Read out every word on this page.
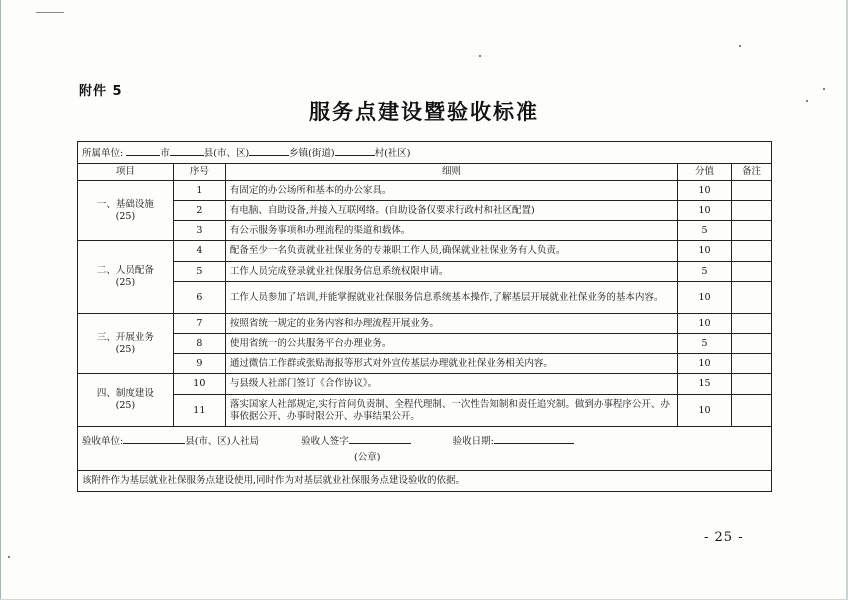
附件 5
服务点建设暨验收标准
所属单位: 市 县(市、区) 乡镇(街道) 村(社区)				
项目	序号	细则	分值	备注

一、基础设施
(25)	1	有固定的办公场所和基本的办公家具。	10	
	2	有电脑、自助设备,并接入互联网络。(自助设备仅要求行政村和社区配置)	10	
	3	有公示服务事项和办理流程的渠道和载体。	5	

二、人员配备
(25)	4	配备至少一名负责就业社保业务的专兼职工作人员,确保就业社保业务有人负责。	10	
	5	工作人员完成登录就业社保服务信息系统权限申请。	5	
	6	工作人员参加了培训,并能掌握就业社保服务信息系统基本操作,了解基层开展就业社保业务的基本内容。	10	

三、开展业务
(25)	7	按照省统一规定的业务内容和办理流程开展业务。	10	
	8	使用省统一的公共服务平台办理业务。	5	
	9	通过微信工作群或张贴海报等形式对外宣传基层办理就业社保业务相关内容。	10	

四、制度建设
(25)	10	与县级人社部门签订《合作协议》。	15	
	11	落实国家人社部规定,实行首问负责制、全程代理制、一次性告知制和责任追究制。做到办事程序公开、办事依据公开、办事时限公开、办事结果公开。	10	

验收单位: 县(市、区)人社局 验收人签字 验收日期:
(公章)				

该附件作为基层就业社保服务点建设使用,同时作为对基层就业社保服务点建设验收的依据。				
- 25 -
